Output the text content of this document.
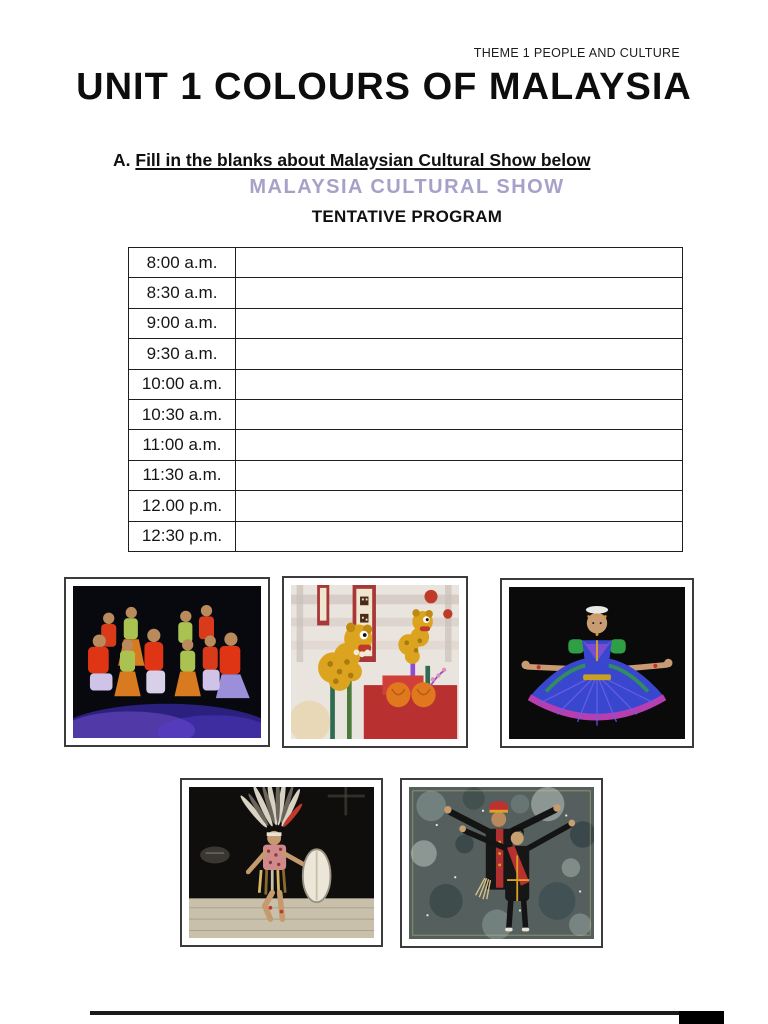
THEME 1 PEOPLE AND CULTURE
UNIT 1 COLOURS OF MALAYSIA
A. Fill in the blanks about Malaysian Cultural Show below
MALAYSIA CULTURAL SHOW
TENTATIVE PROGRAM
8:00 a.m.	
8:30 a.m.	
9:00 a.m.	
9:30 a.m.	
10:00 a.m.	
10:30 a.m.	
11:00 a.m.	
11:30 a.m.	
12.00 p.m.	
12:30 p.m.	
